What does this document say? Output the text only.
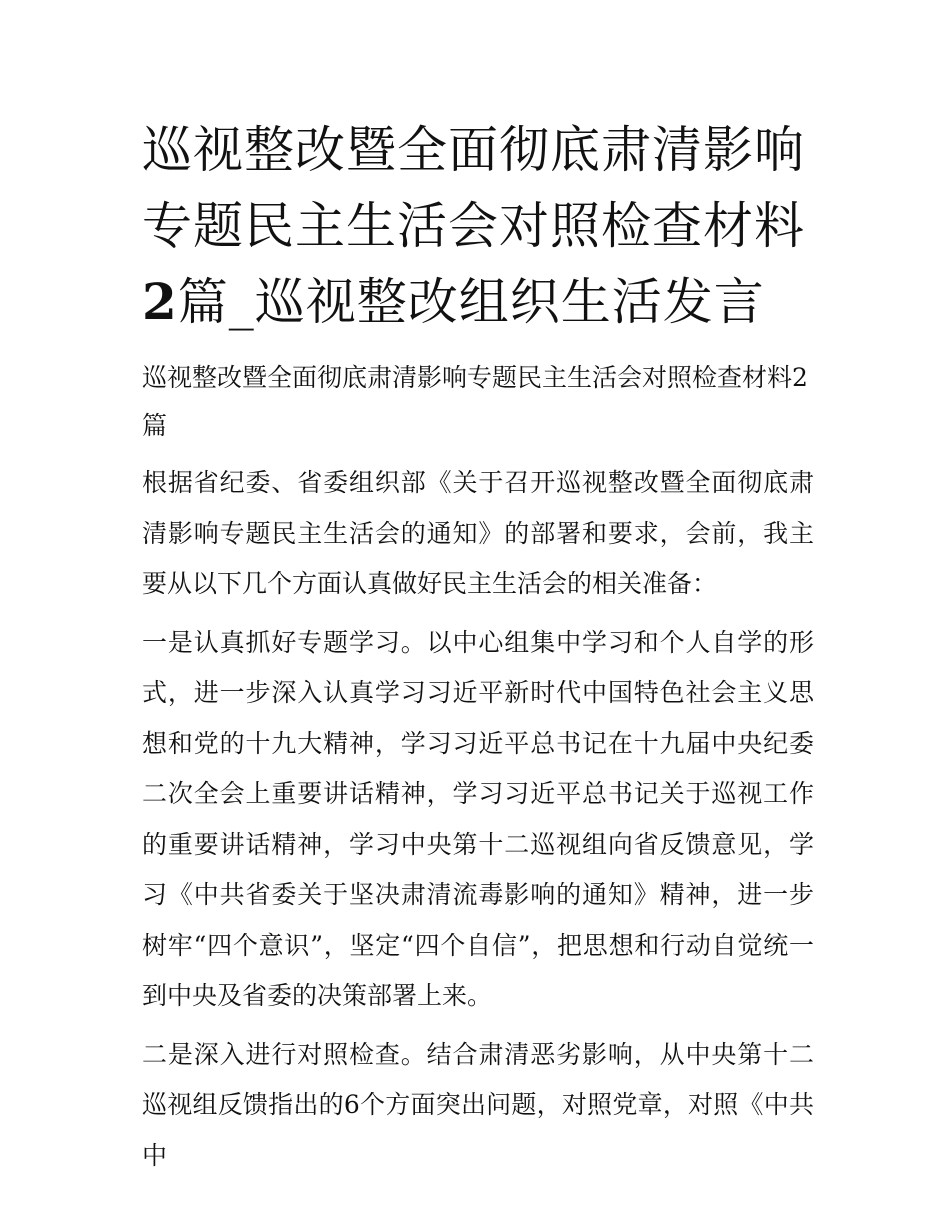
巡视整改暨全面彻底肃清影响专题民主生活会对照检查材料2篇_巡视整改组织生活发言

巡视整改暨全面彻底肃清影响专题民主生活会对照检查材料2篇

根据省纪委、省委组织部《关于召开巡视整改暨全面彻底肃清影响专题民主生活会的通知》的部署和要求，会前，我主要从以下几个方面认真做好民主生活会的相关准备：

一是认真抓好专题学习。以中心组集中学习和个人自学的形式，进一步深入认真学习习近平新时代中国特色社会主义思想和党的十九大精神，学习习近平总书记在十九届中央纪委二次全会上重要讲话精神，学习习近平总书记关于巡视工作的重要讲话精神，学习中央第十二巡视组向省反馈意见，学习《中共省委关于坚决肃清流毒影响的通知》精神，进一步树牢“四个意识”，坚定“四个自信”，把思想和行动自觉统一到中央及省委的决策部署上来。

二是深入进行对照检查。结合肃清恶劣影响，从中央第十二巡视组反馈指出的6个方面突出问题，对照党章，对照《中共中
